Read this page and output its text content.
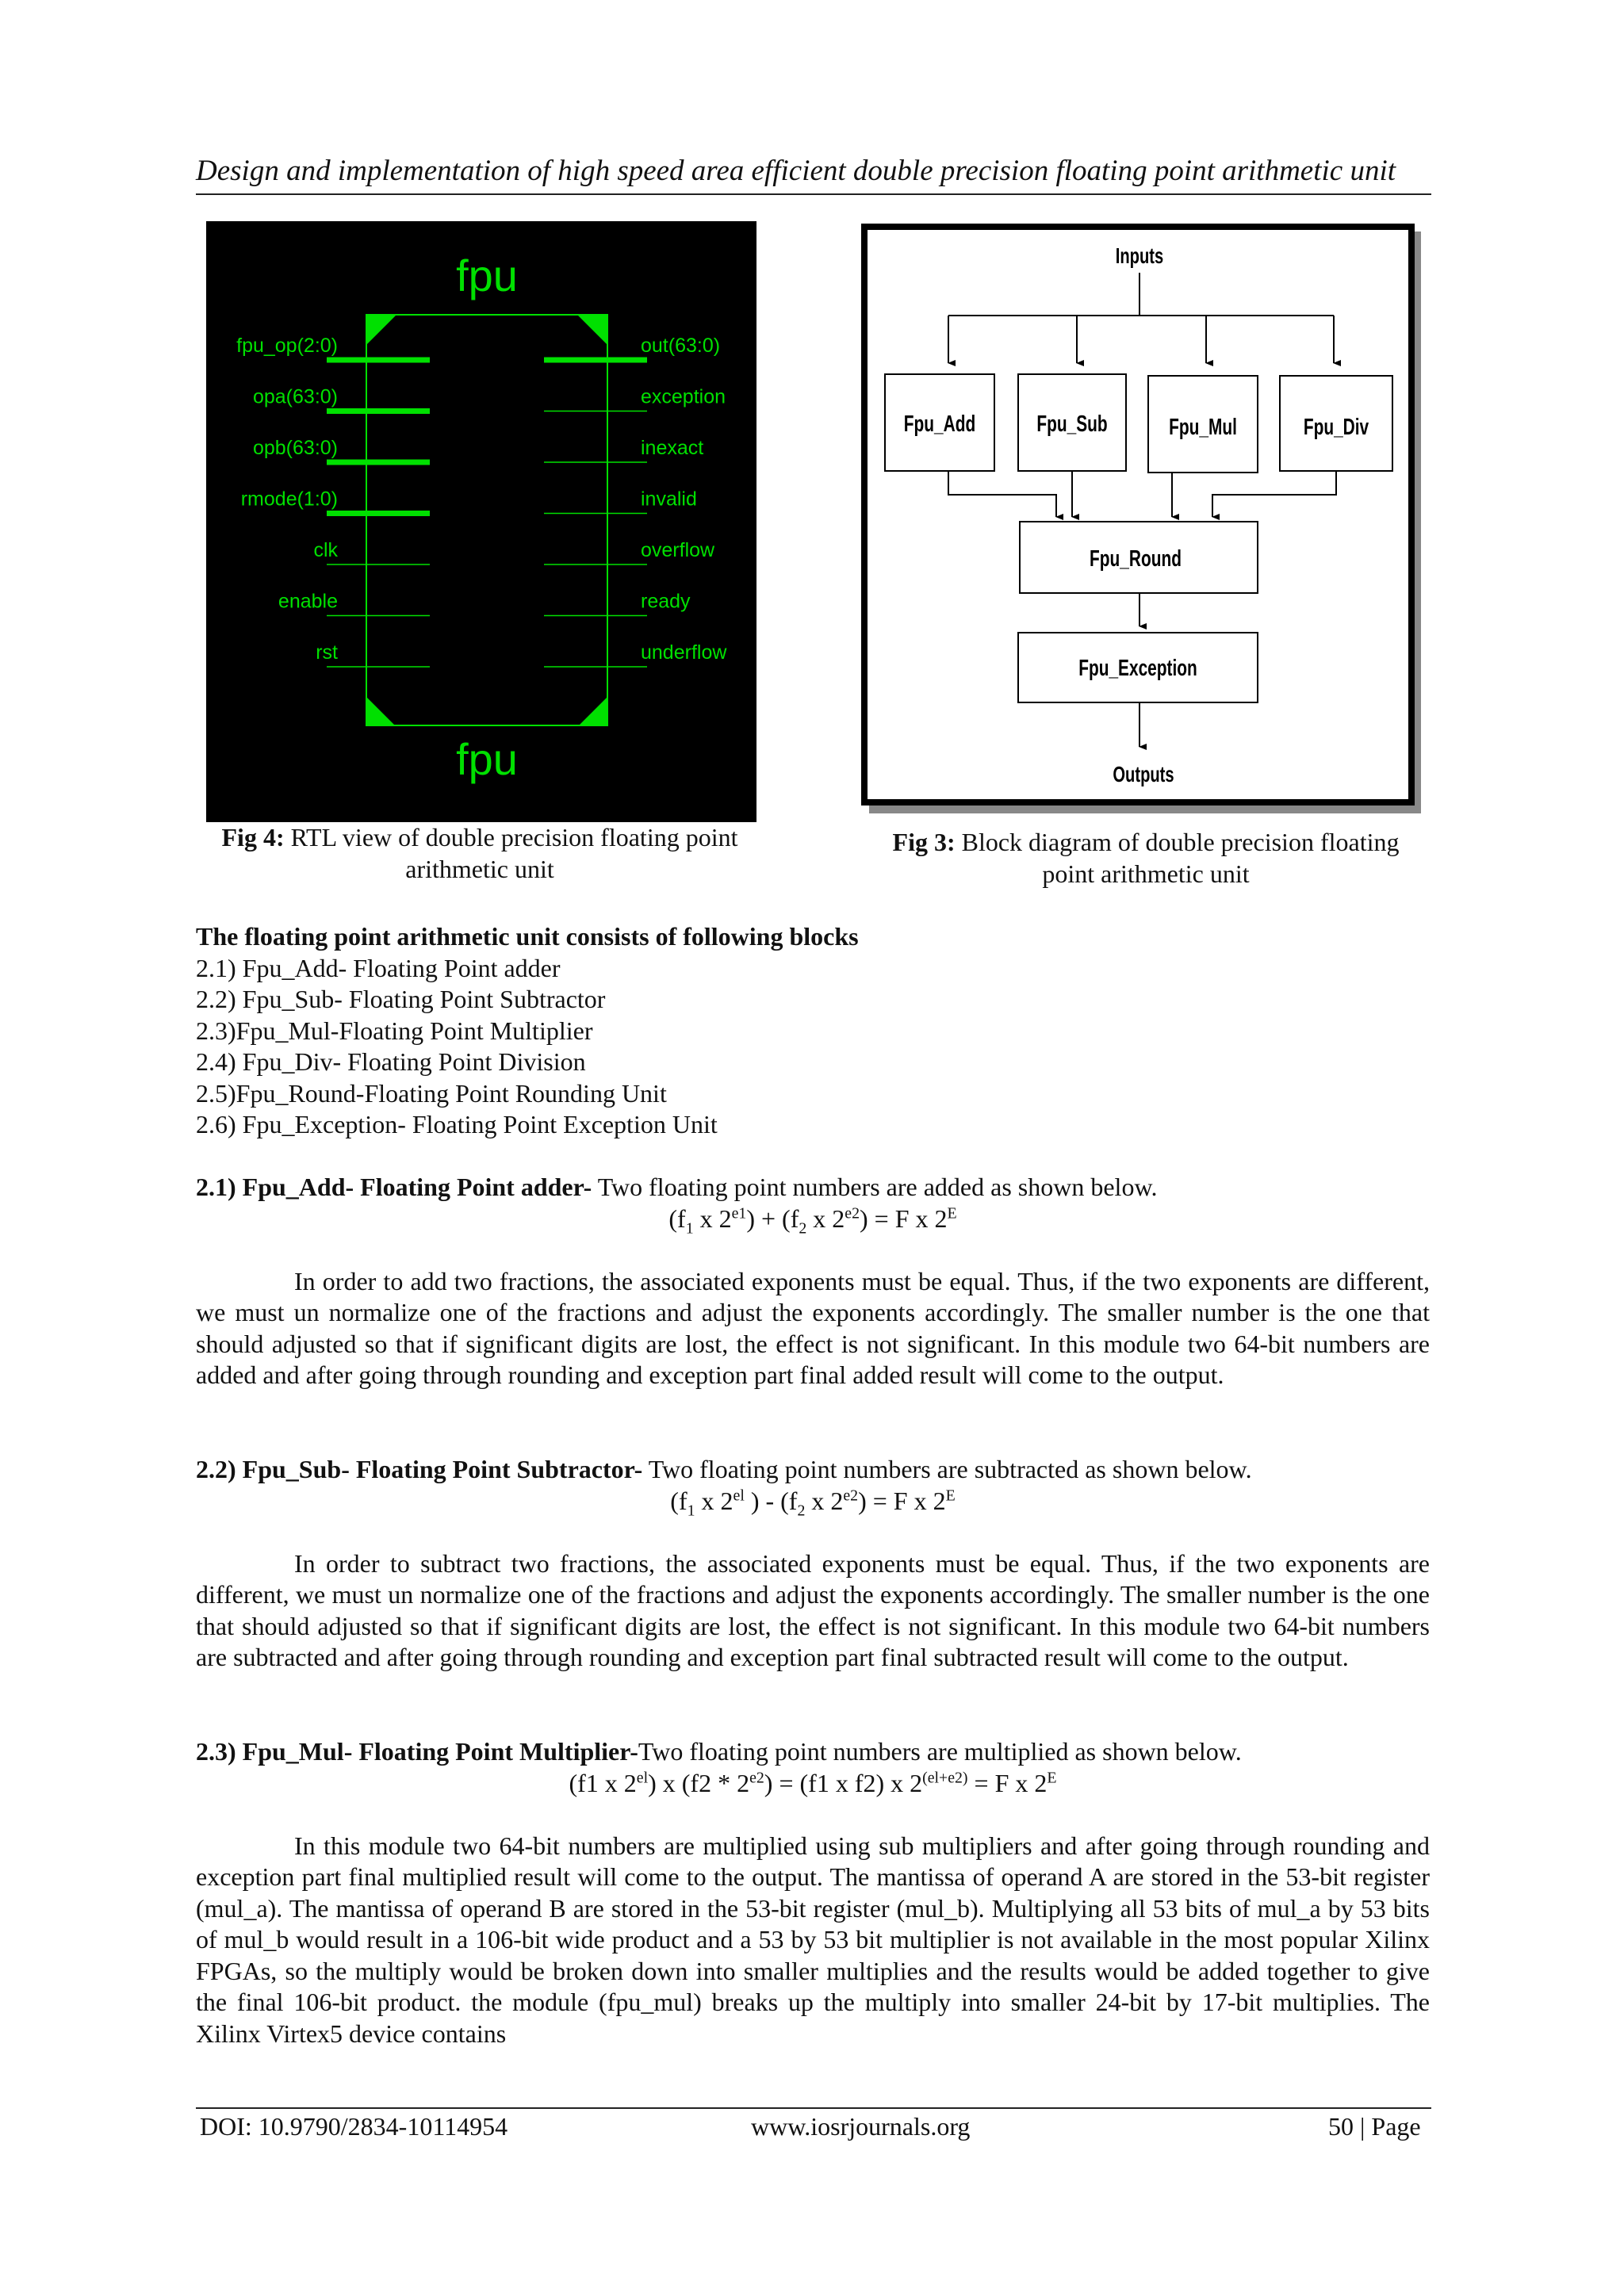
Design and implementation of high speed area efficient double precision floating point arithmetic unit
fpu
fpu
fpu_op(2:0)
opa(63:0)
opb(63:0)
rmode(1:0)
clk
enable
rst
out(63:0)
exception
inexact
invalid
overflow
ready
underflow
Fig 4: RTL view of double precision floating point
arithmetic unit
Inputs
Fpu_Add	Fpu_Sub	Fpu_Mul	Fpu_Div
Fpu_Round
Fpu_Exception
Outputs
Fig 3: Block diagram of double precision floating
point arithmetic unit
The floating point arithmetic unit consists of following blocks
2.1) Fpu_Add- Floating Point adder
2.2) Fpu_Sub- Floating Point Subtractor
2.3)Fpu_Mul-Floating Point Multiplier
2.4) Fpu_Div- Floating Point Division
2.5)Fpu_Round-Floating Point Rounding Unit
2.6) Fpu_Exception- Floating Point Exception Unit
2.1) Fpu_Add- Floating Point adder- Two floating point numbers are added as shown below.
($f_1$ x $2^{e1}) + (f_2$ x $2^{e2}) = F$ x $2^E$

In order to add two fractions, the associated exponents must be equal. Thus, if the two exponents are different, we must un normalize one of the fractions and adjust the exponents accordingly. The smaller number is the one that should adjusted so that if significant digits are lost, the effect is not significant. In this module two 64-bit numbers are added and after going through rounding and exception part final added result will come to the output.

2.2) Fpu_Sub- Floating Point Subtractor- Two floating point numbers are subtracted as shown below.
($f_1$ x $2^{el}$ ) - ($f_2$ x $2^{e2}) = F$ x $2^E$

In order to subtract two fractions, the associated exponents must be equal. Thus, if the two exponents are different, we must un normalize one of the fractions and adjust the exponents accordingly. The smaller number is the one that should adjusted so that if significant digits are lost, the effect is not significant. In this module two 64-bit numbers are subtracted and after going through rounding and exception part final subtracted result will come to the output.

2.3) Fpu_Mul- Floating Point Multiplier-Two floating point numbers are multiplied as shown below.
(f1 x $2^{el}$) x $(f2 * 2^{e2}) = (f1$ x f2) x $2^{(el+e2)} = F$ x $2^E$

In this module two 64-bit numbers are multiplied using sub multipliers and after going through rounding and exception part final multiplied result will come to the output. The mantissa of operand A are stored in the 53-bit register (mul_a). The mantissa of operand B are stored in the 53-bit register (mul_b). Multiplying all 53 bits of mul_a by 53 bits of mul_b would result in a 106-bit wide product and a 53 by 53 bit multiplier is not available in the most popular Xilinx FPGAs, so the multiply would be broken down into smaller multiplies and the results would be added together to give the final 106-bit product. the module (fpu_mul) breaks up the multiply into smaller 24-bit by 17-bit multiplies. The Xilinx Virtex5 device contains

DOI: 10.9790/2834-10114954	www.iosrjournals.org	50 | Page
